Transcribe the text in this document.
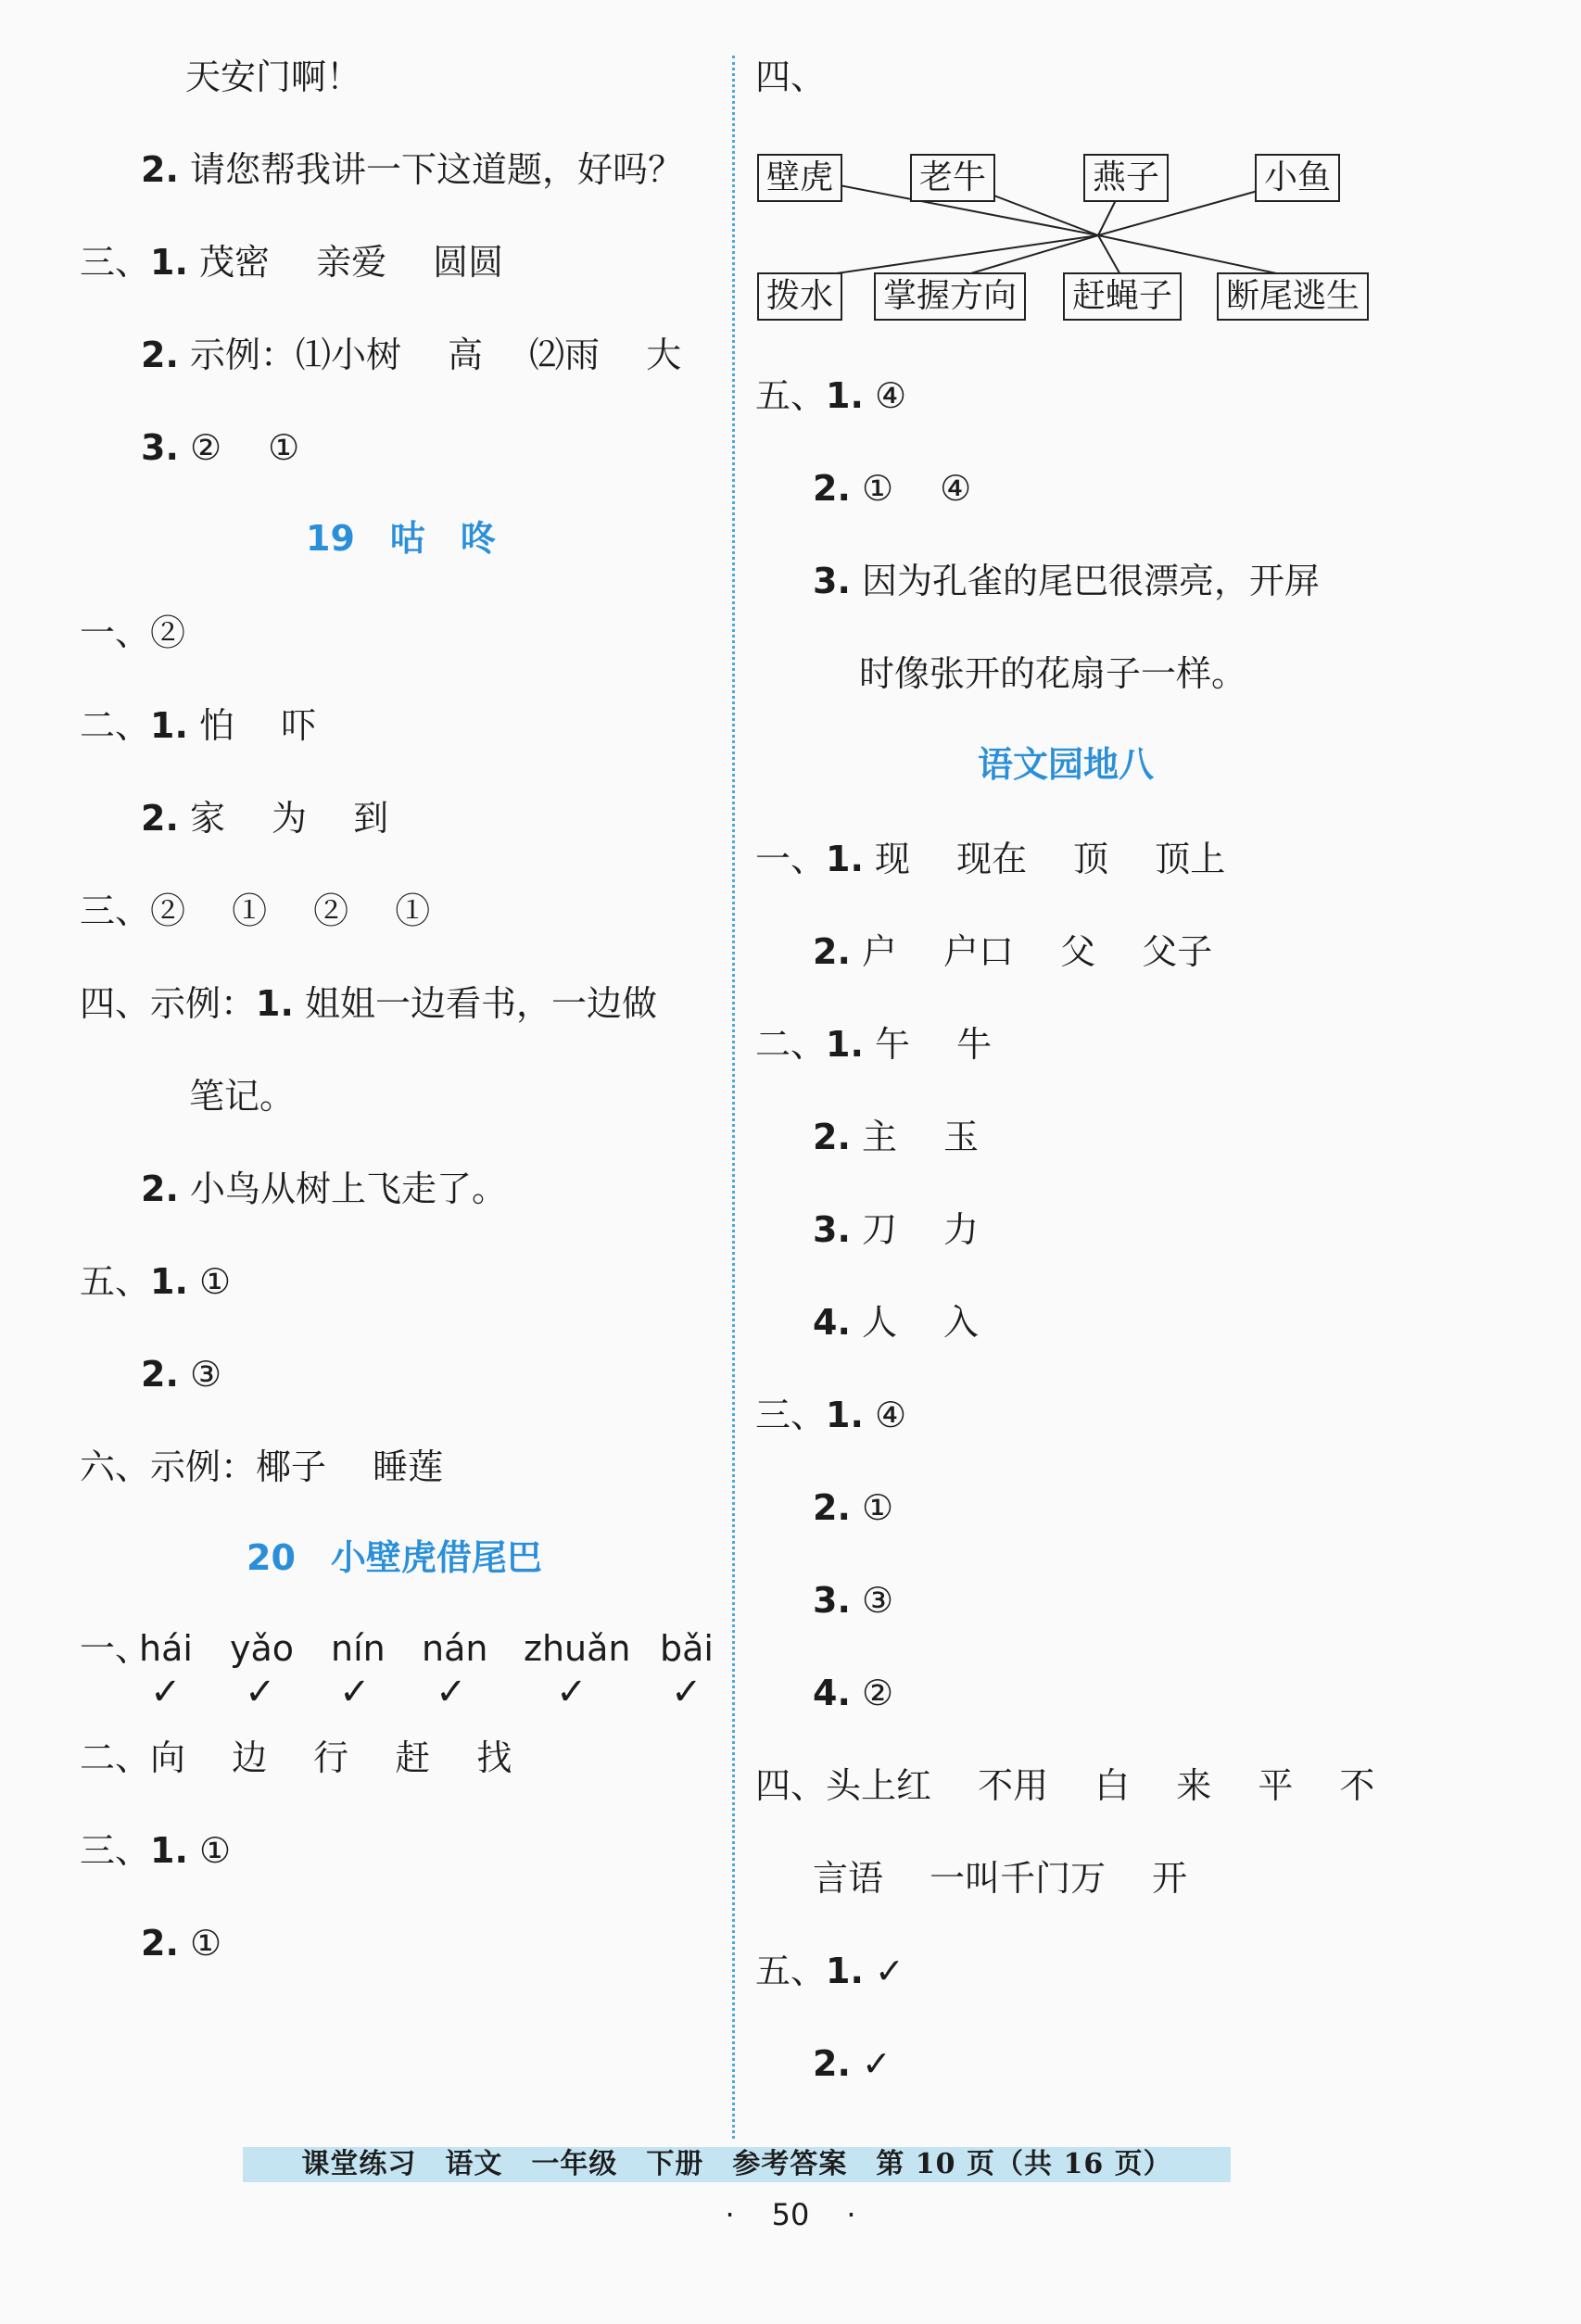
天安门啊！
2. 请您帮我讲一下这道题，好吗？
三、1. 茂密　 亲爱　 圆圆
2. 示例：⑴小树　 高　 ⑵雨　 大
3. ②　 ①
19　咕　咚
一、②
二、1. 怕　 吓
2. 家　 为　 到
三、②　 ①　 ②　 ①
四、示例：1. 姐姐一边看书，一边做
笔记。
2. 小鸟从树上飞走了。
五、1. ①
2. ③
六、示例：椰子　 睡莲
20　小壁虎借尾巴
一、
hái yǎo nín nán zhuǎn bǎi
✓ ✓ ✓ ✓ ✓ ✓
二、向　 边　 行　 赶　 找
三、1. ①
2. ①
四、
壁虎	老牛	燕子	小鱼
拨水 掌握方向 赶蝇子 断尾逃生
五、1. ④
2. ①　 ④
3. 因为孔雀的尾巴很漂亮，开屏
时像张开的花扇子一样。
语文园地八
一、1. 现　 现在　 顶　 顶上
2. 户　 户口　 父　 父子
二、1. 午　 牛
2. 主　 玉
3. 刀　 力
4. 人　 入
三、1. ④
2. ①
3. ③
4. ②
四、头上红　 不用　 白　 来　 平　 不
言语　 一叫千门万　 开
五、1. ✓
2. ✓
课堂练习　语文　一年级　下册　参考答案　第 10 页（共 16 页）
· 50 ·
